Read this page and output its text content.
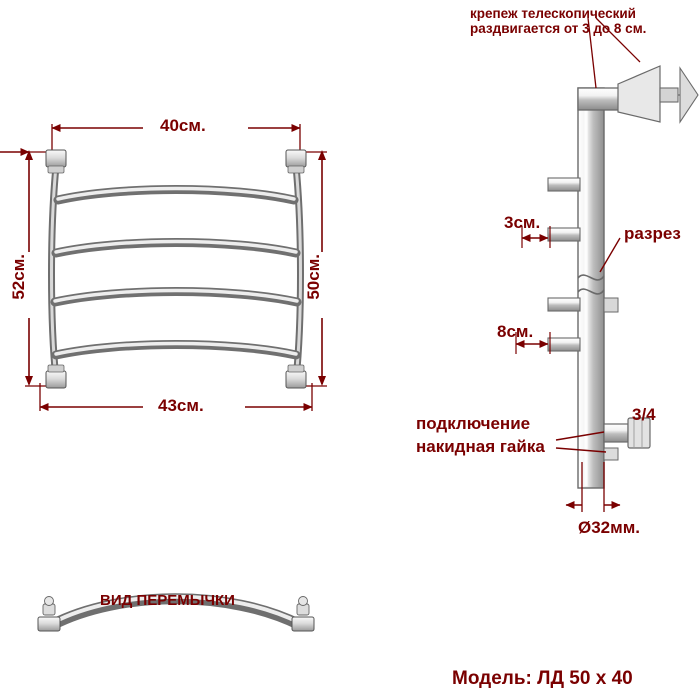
40см.
43см.
52см.	50см.
крепеж телескопический
раздвигается от 3 до 8 см.
3см.
8см.
разрез
3/4
подключение
накидная гайка
Ø32мм.
ВИД ПЕРЕМЫЧКИ
Модель: ЛД 50 х 40
